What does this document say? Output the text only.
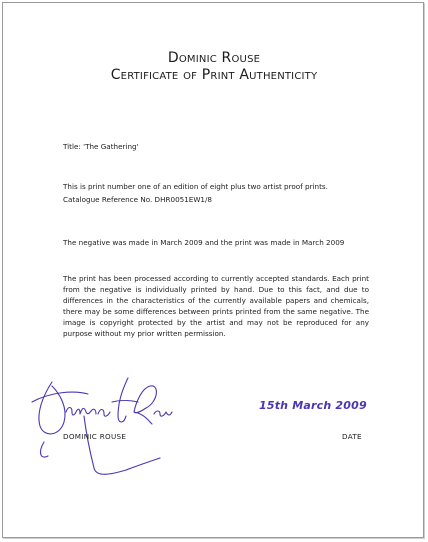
Dominic Rouse
Certificate of Print Authenticity
Title: 'The Gathering'
This is print number one of an edition of eight plus two artist proof prints.
Catalogue Reference No. DHR0051EW1/8
The negative was made in March 2009 and the print was made in March 2009
The print has been processed according to currently accepted standards. Each print from the negative is individually printed by hand. Due to this fact, and due to differences in the characteristics of the currently available papers and chemicals, there may be some differences between prints printed from the same negative. The image is copyright protected by the artist and may not be reproduced for any purpose without my prior written permission.
DOMINIC ROUSE
15th March 2009
DATE
